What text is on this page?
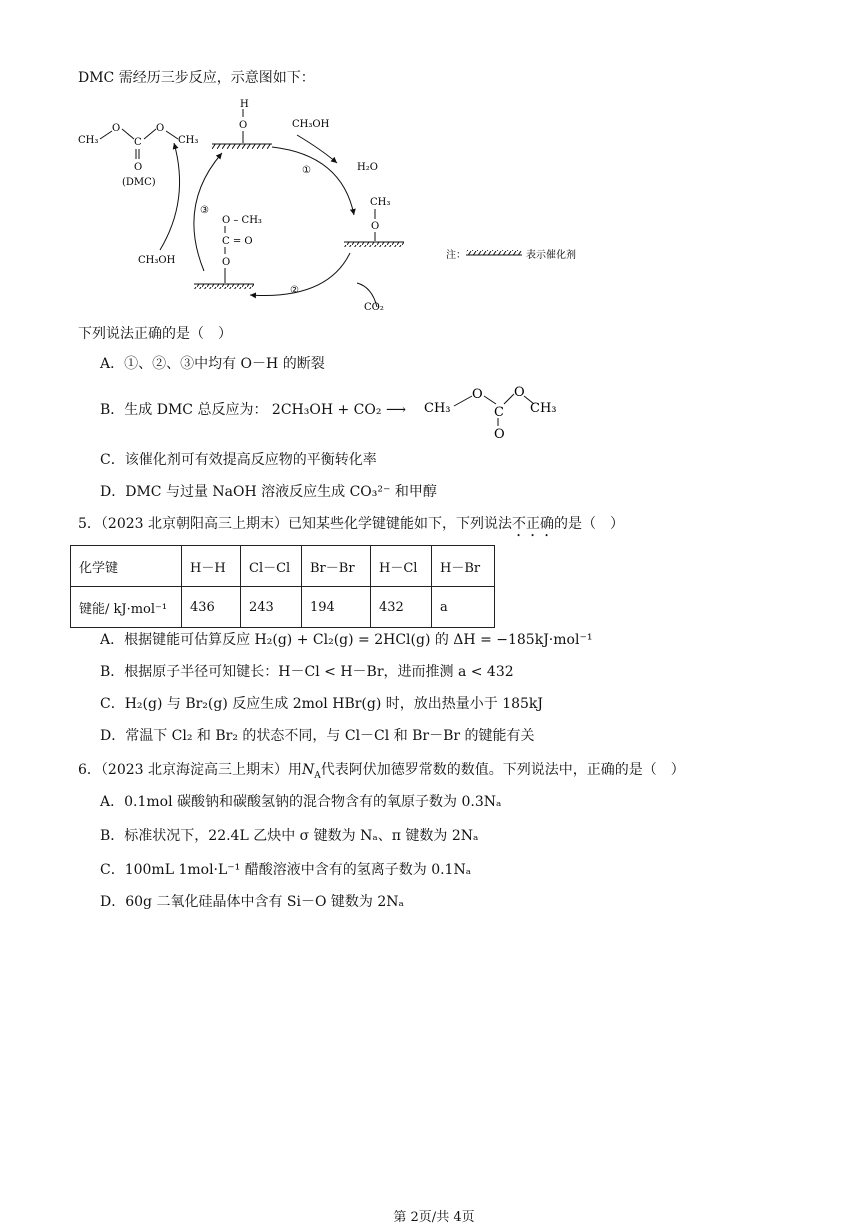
DMC 需经历三步反应，示意图如下：
CH₃
O
C
O
CH₃
O
(DMC)
H
O	CH₃OH
H₂O
①
CH₃
O
③
O – CH₃
C = O
O
CH₃OH
②
CO₂
注：	表示催化剂
下列说法正确的是（　）
A．①、②、③中均有 O－H 的断裂
B．生成 DMC 总反应为： 2CH₃OH + CO₂ ⟶ CH₃
O
C
O
CH₃
O
C．该催化剂可有效提高反应物的平衡转化率
D．DMC 与过量 NaOH 溶液反应生成 CO₃²⁻ 和甲醇
5．（2023 北京朝阳高三上期末）已知某些化学键键能如下，下列说法不正确的是（　）
化学键	H－H	Cl－Cl	Br－Br	H－Cl	H－Br
键能/ kJ·mol⁻¹	436	243	194	432	a
A．根据键能可估算反应 H₂(g) + Cl₂(g) = 2HCl(g) 的 ΔH = −185kJ·mol⁻¹
B．根据原子半径可知键长：H－Cl < H－Br，进而推测 a < 432
C．H₂(g) 与 Br₂(g) 反应生成 2mol HBr(g) 时，放出热量小于 185kJ
D．常温下 Cl₂ 和 Br₂ 的状态不同，与 Cl－Cl 和 Br－Br 的键能有关
6．（2023 北京海淀高三上期末）用$N_A$代表阿伏加德罗常数的数值。下列说法中，正确的是（　）
A．0.1mol 碳酸钠和碳酸氢钠的混合物含有的氧原子数为 0.3Nₐ
B．标准状况下，22.4L 乙炔中 σ 键数为 Nₐ、π 键数为 2Nₐ
C．100mL 1mol·L⁻¹ 醋酸溶液中含有的氢离子数为 0.1Nₐ
D．60g 二氧化硅晶体中含有 Si－O 键数为 2Nₐ
第 2页/共 4页
